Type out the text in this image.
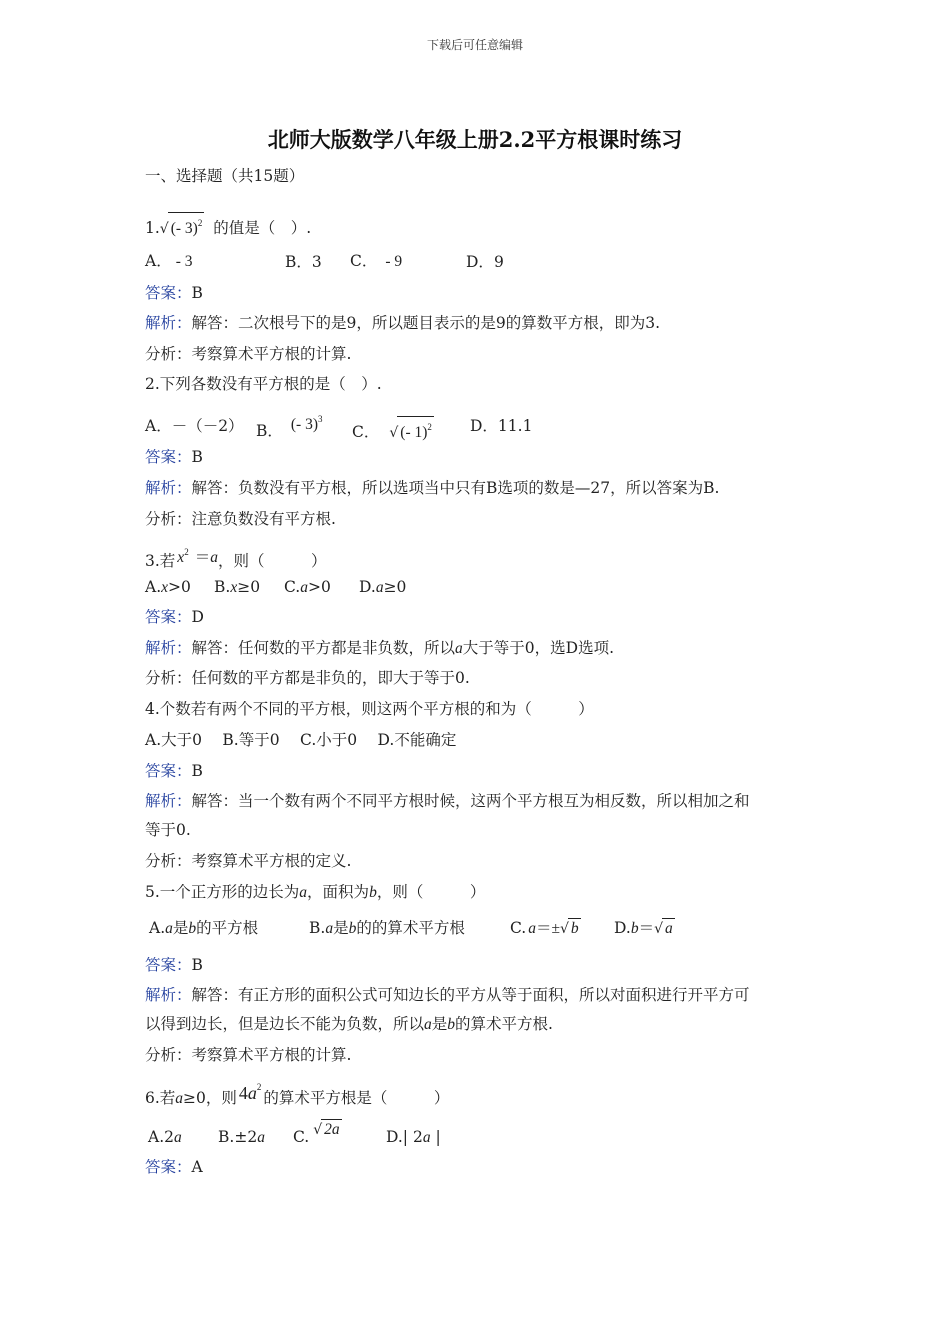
下载后可任意编辑
北师大版数学八年级上册2.2平方根课时练习
一、选择题（共15题）
1.√ (- 3)$^2$ 的值是（　）.
A． - 3	B．3 C． - 9	D．9
答案：B
解析：解答：二次根号下的是9，所以题目表示的是9的算数平方根，即为3.
分析：考察算术平方根的计算.
2.下列各数没有平方根的是（　）.
A．－（－2） B． (- 3)$^3$
C． √ (- 1)$^2$ D．11.1
答案：B
解析：解答：负数没有平方根，所以选项当中只有B选项的数是—27，所以答案为B.
分析：注意负数没有平方根.
3.若 $x^2 =a$，则（　　　）
A.x>0 B.x≥0 C.a>0 D.a≥0
答案：D
解析：解答：任何数的平方都是非负数，所以a大于等于0，选D选项.
分析：任何数的平方都是非负的，即大于等于0.
4.个数若有两个不同的平方根，则这两个平方根的和为（　　　）
A.大于0　 B.等于0　 C.小于0　 D.不能确定
答案：B
解析：解答：当一个数有两个不同平方根时候，这两个平方根互为相反数，所以相加之和
等于0.
分析：考察算术平方根的定义.
5.一个正方形的边长为a，面积为b，则（　　　）
A.a是b的平方根	B.a是b的的算术平方根	C. a＝±√ b D.b＝√ a
答案：B
解析：解答：有正方形的面积公式可知边长的平方从等于面积，所以对面积进行开平方可
以得到边长，但是边长不能为负数，所以a是b的算术平方根.
分析：考察算术平方根的计算.
6.若a≥0，则 $4a^2$的算术平方根是（　　　）
A.2a B.±2a C. √ 2a	D.| 2a |
答案：A
